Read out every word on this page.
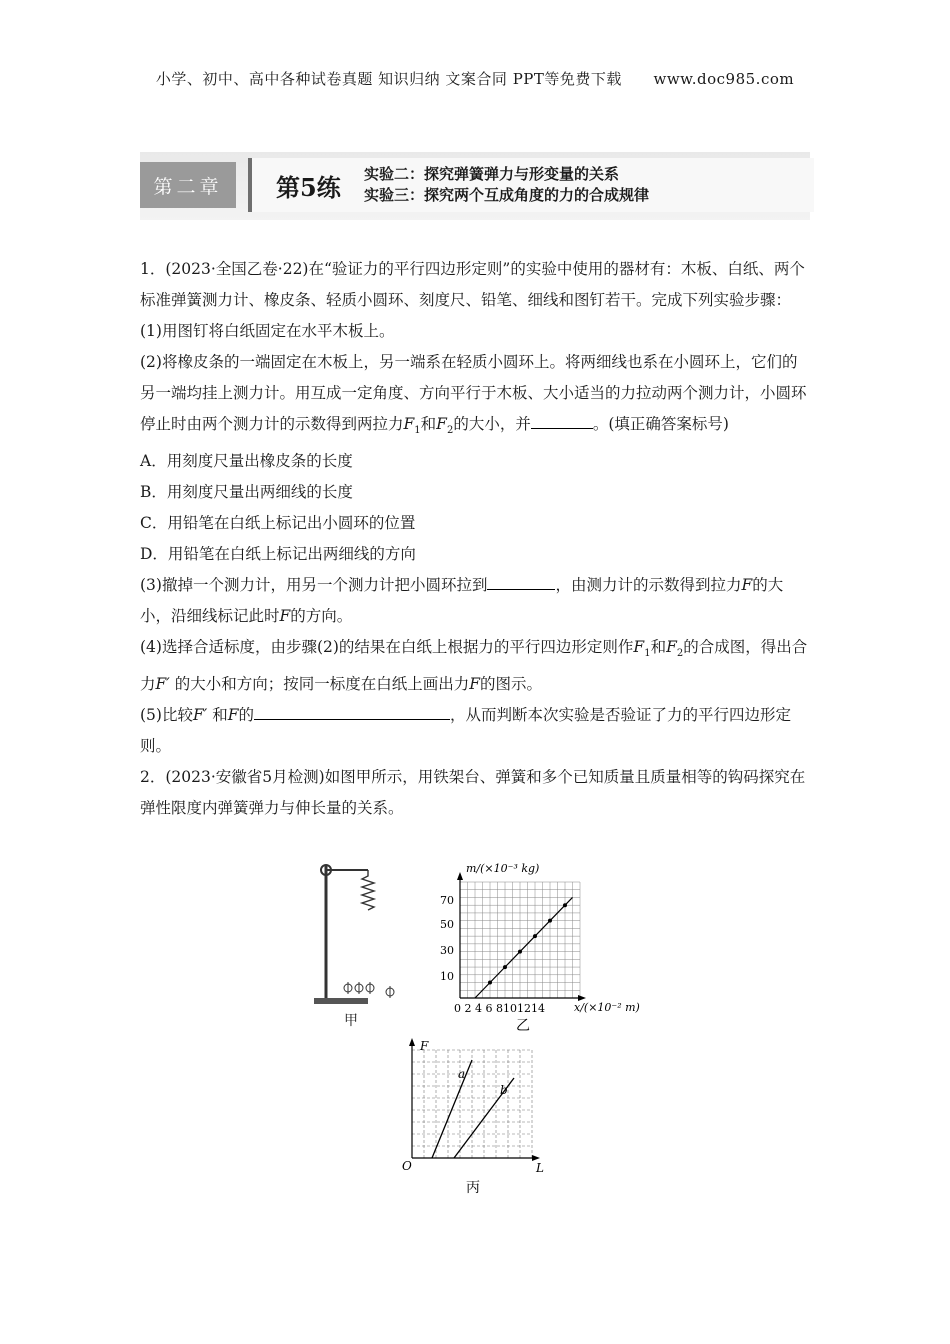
小学、初中、高中各种试卷真题 知识归纳 文案合同 PPT等免费下载 www.doc985.com
第二章	第5练 实验二：探究弹簧弹力与形变量的关系
实验三：探究两个互成角度的力的合成规律

1．(2023·全国乙卷·22)在“验证力的平行四边形定则”的实验中使用的器材有：木板、白纸、两个标准弹簧测力计、橡皮条、轻质小圆环、刻度尺、铅笔、细线和图钉若干。完成下列实验步骤：

(1)用图钉将白纸固定在水平木板上。

(2)将橡皮条的一端固定在木板上，另一端系在轻质小圆环上。将两细线也系在小圆环上，它们的另一端均挂上测力计。用互成一定角度、方向平行于木板、大小适当的力拉动两个测力计，小圆环停止时由两个测力计的示数得到两拉力$F_1$和$F_2$的大小，并	。(填正确答案标号)

A．用刻度尺量出橡皮条的长度

B．用刻度尺量出两细线的长度

C．用铅笔在白纸上标记出小圆环的位置

D．用铅笔在白纸上标记出两细线的方向

(3)撤掉一个测力计，用另一个测力计把小圆环拉到	，由测力计的示数得到拉力F的大小，沿细线标记此时F的方向。

(4)选择合适标度，由步骤(2)的结果在白纸上根据力的平行四边形定则作$F_1$和$F_2$的合成图，得出合力F′ 的大小和方向；按同一标度在白纸上画出力F的图示。

(5)比较F′ 和F的	，从而判断本次实验是否验证了力的平行四边形定则。

2．(2023·安徽省5月检测)如图甲所示，用铁架台、弹簧和多个已知质量且质量相等的钩码探究在弹性限度内弹簧弹力与伸长量的关系。

甲
m/(×10⁻³ kg)
x/(×10⁻² m)
70
50
30
10
0 2 4 6 8101214
乙
F
O	L
a
b
丙
